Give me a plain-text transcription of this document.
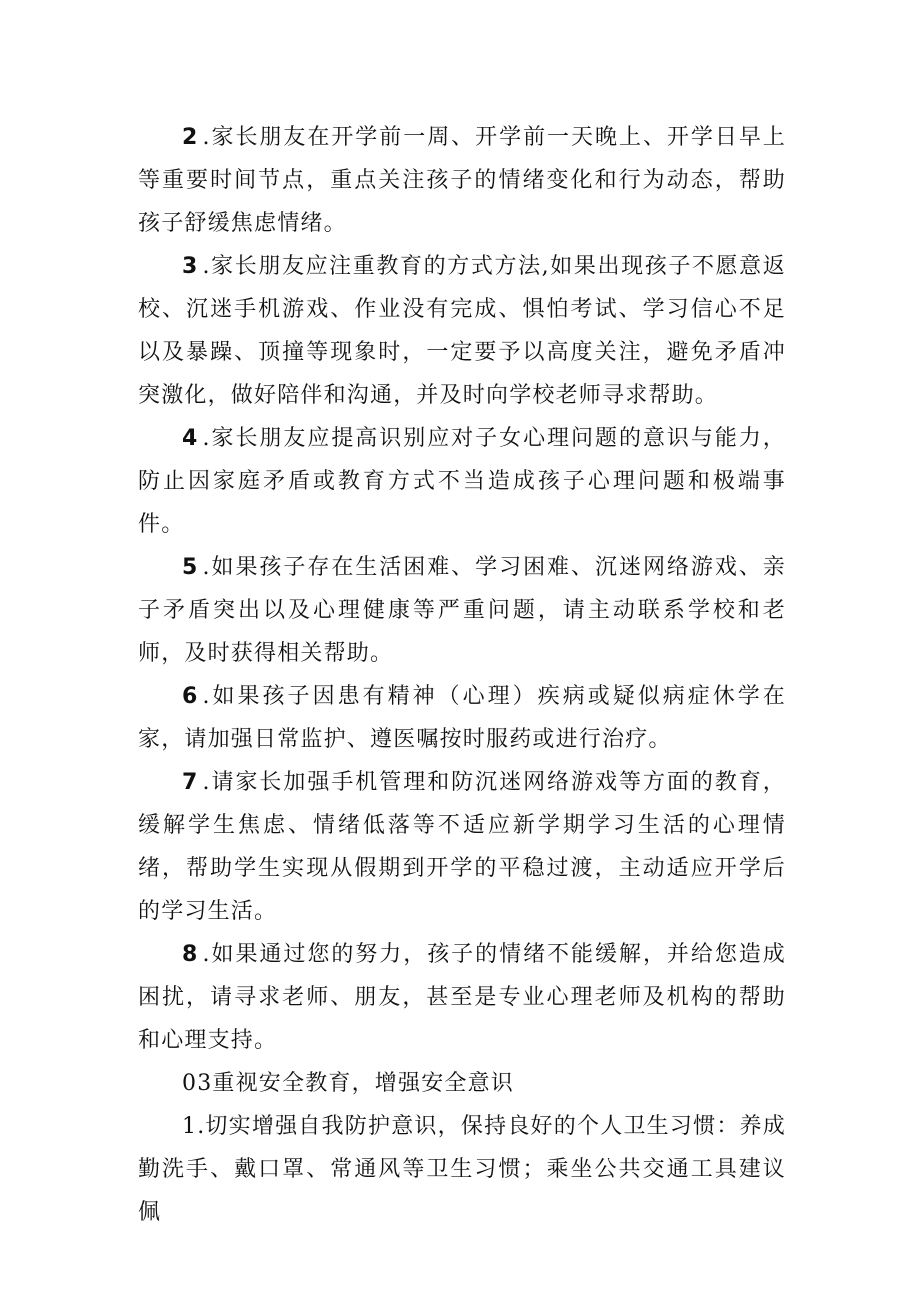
2 .家长朋友在开学前一周、开学前一天晚上、开学日早上等重要时间节点，重点关注孩子的情绪变化和行为动态，帮助孩子舒缓焦虑情绪。

3 .家长朋友应注重教育的方式方法,如果出现孩子不愿意返校、沉迷手机游戏、作业没有完成、惧怕考试、学习信心不足以及暴躁、顶撞等现象时，一定要予以高度关注，避免矛盾冲突激化，做好陪伴和沟通，并及时向学校老师寻求帮助。

4 .家长朋友应提高识别应对子女心理问题的意识与能力，防止因家庭矛盾或教育方式不当造成孩子心理问题和极端事件。

5 .如果孩子存在生活困难、学习困难、沉迷网络游戏、亲子矛盾突出以及心理健康等严重问题，请主动联系学校和老师，及时获得相关帮助。

6 .如果孩子因患有精神（心理）疾病或疑似病症休学在家，请加强日常监护、遵医嘱按时服药或进行治疗。

7 .请家长加强手机管理和防沉迷网络游戏等方面的教育，缓解学生焦虑、情绪低落等不适应新学期学习生活的心理情绪，帮助学生实现从假期到开学的平稳过渡，主动适应开学后的学习生活。

8 .如果通过您的努力，孩子的情绪不能缓解，并给您造成困扰，请寻求老师、朋友，甚至是专业心理老师及机构的帮助和心理支持。

03重视安全教育，增强安全意识

1.切实增强自我防护意识，保持良好的个人卫生习惯：养成勤洗手、戴口罩、常通风等卫生习惯；乘坐公共交通工具建议佩
